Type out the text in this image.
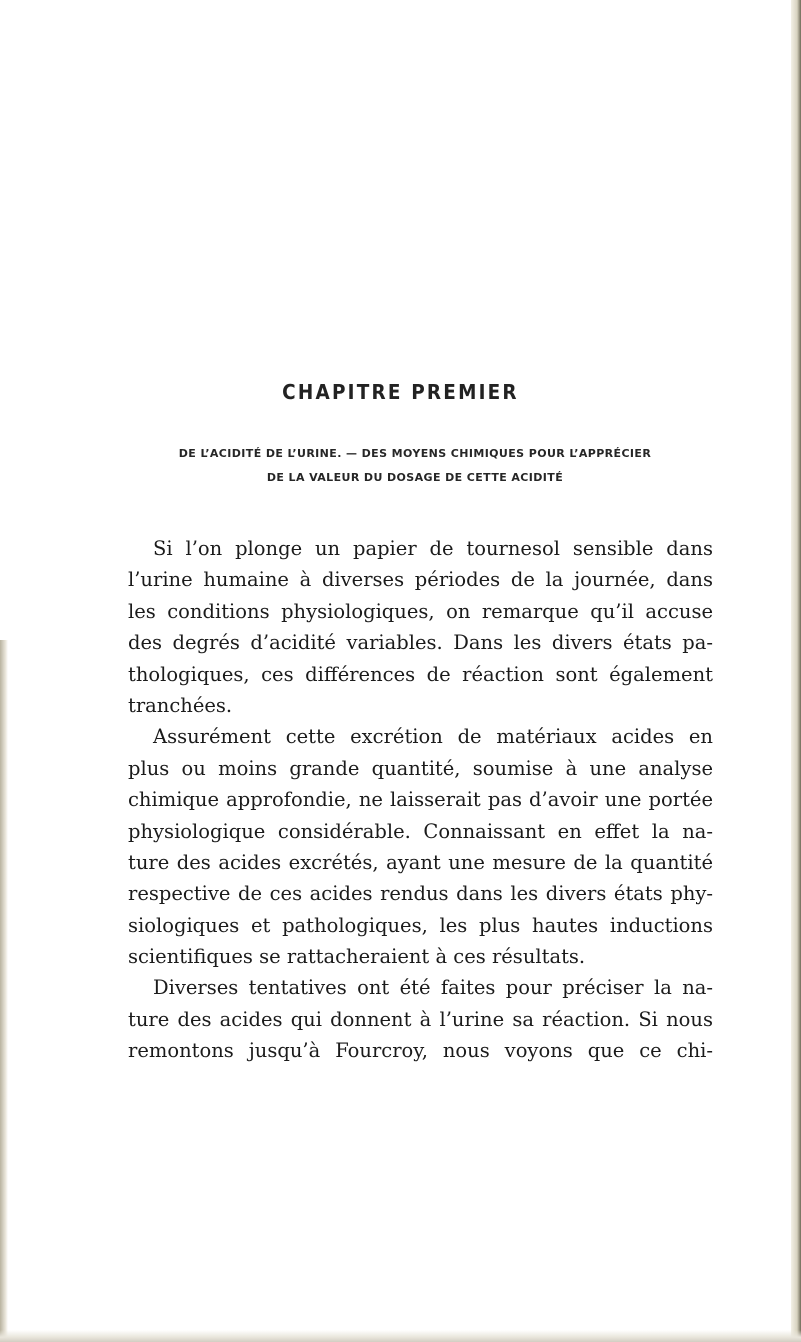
CHAPITRE PREMIER

DE L’ACIDITÉ DE L’URINE. — DES MOYENS CHIMIQUES POUR L’APPRÉCIER

DE LA VALEUR DU DOSAGE DE CETTE ACIDITÉ

Si l’on plonge un papier de tournesol sensible dans
l’urine humaine à diverses périodes de la journée, dans
les conditions physiologiques, on remarque qu’il accuse
des degrés d’acidité variables. Dans les divers états pa-
thologiques, ces différences de réaction sont également
tranchées.
Assurément cette excrétion de matériaux acides en
plus ou moins grande quantité, soumise à une analyse
chimique approfondie, ne laisserait pas d’avoir une portée
physiologique considérable. Connaissant en effet la na-
ture des acides excrétés, ayant une mesure de la quantité
respective de ces acides rendus dans les divers états phy-
siologiques et pathologiques, les plus hautes inductions
scientifiques se rattacheraient à ces résultats.
Diverses tentatives ont été faites pour préciser la na-
ture des acides qui donnent à l’urine sa réaction. Si nous
remontons jusqu’à Fourcroy, nous voyons que ce chi-
